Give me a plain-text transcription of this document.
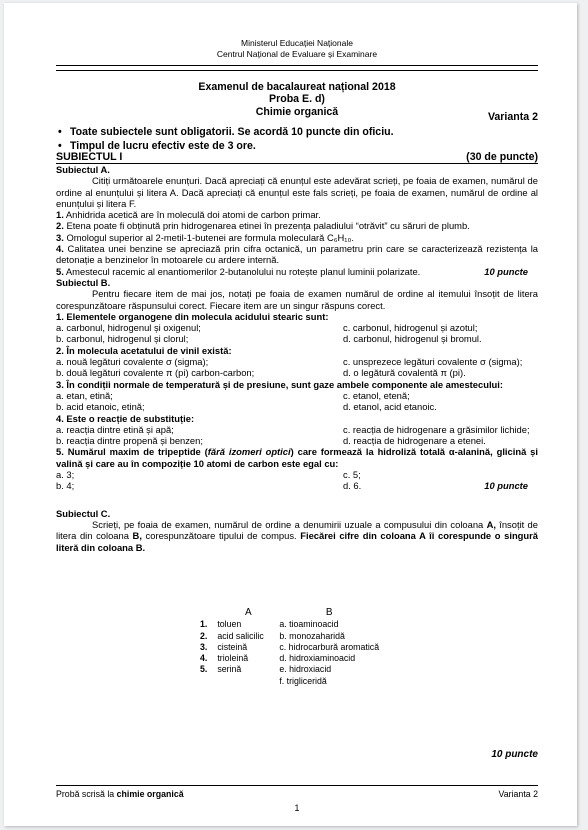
Ministerul Educației Naționale
Centrul Național de Evaluare și Examinare
Examenul de bacalaureat național 2018
Proba E. d)
Chimie organică	Varianta 2
• Toate subiectele sunt obligatorii. Se acordă 10 puncte din oficiu.
• Timpul de lucru efectiv este de 3 ore.
SUBIECTUL I	(30 de puncte)
Subiectul A.
Citiți următoarele enunțuri. Dacă apreciați că enunțul este adevărat scrieți, pe foaia de examen, numărul de ordine al enunțului și litera A. Dacă apreciați că enunțul este fals scrieți, pe foaia de examen, numărul de ordine al enunțului și litera F.
1. Anhidrida acetică are în moleculă doi atomi de carbon primar.
2. Etena poate fi obținută prin hidrogenarea etinei în prezența paladiului “otrăvit” cu săruri de plumb.
3. Omologul superior al 2-metil-1-butenei are formula moleculară C₆H₁₀.
4. Calitatea unei benzine se apreciază prin cifra octanică, un parametru prin care se caracterizează rezistența la detonație a benzinelor în motoarele cu ardere internă.
5. Amestecul racemic al enantiomerilor 2-butanolului nu rotește planul luminii polarizate.	10 puncte
Subiectul B.
Pentru fiecare item de mai jos, notați pe foaia de examen numărul de ordine al itemului însoțit de litera corespunzătoare răspunsului corect. Fiecare item are un singur răspuns corect.
1. Elementele organogene din molecula acidului stearic sunt:
a. carbonul, hidrogenul și oxigenul;	c. carbonul, hidrogenul și azotul;
b. carbonul, hidrogenul și clorul;	d. carbonul, hidrogenul și bromul.
2. În molecula acetatului de vinil există:
a. nouă legături covalente σ (sigma);	c. unsprezece legături covalente σ (sigma);
b. două legături covalente π (pi) carbon-carbon;	d. o legătură covalentă π (pi).
3. În condiții normale de temperatură și de presiune, sunt gaze ambele componente ale amestecului:
a. etan, etină;	c. etanol, etenă;
b. acid etanoic, etină;	d. etanol, acid etanoic.
4. Este o reacție de substituție:
a. reacția dintre etină și apă;	c. reacția de hidrogenare a grăsimilor lichide;
b. reacția dintre propenă și benzen;	d. reacția de hidrogenare a etenei.
5. Numărul maxim de tripeptide (fără izomeri optici) care formează la hidroliză totală α-alanină, glicină și valină și care au în compoziție 10 atomi de carbon este egal cu:
a. 3;	c. 5;
b. 4;	d. 6.	10 puncte
Subiectul C.
Scrieți, pe foaia de examen, numărul de ordine a denumirii uzuale a compusului din coloana A, însoțit de litera din coloana B, corespunzătoare tipului de compus. Fiecărei cifre din coloana A îi corespunde o singură literă din coloana B.
	A	B
1.	toluen	a. tioaminoacid
2.	acid salicilic	b. monozaharidă
3.	cisteină	c. hidrocarbură aromatică
4.	trioleină	d. hidroxiaminoacid
5.	serină	e. hidroxiacid
		f. trigliceridă
10 puncte
Probă scrisă la chimie organică	Varianta 2
1
